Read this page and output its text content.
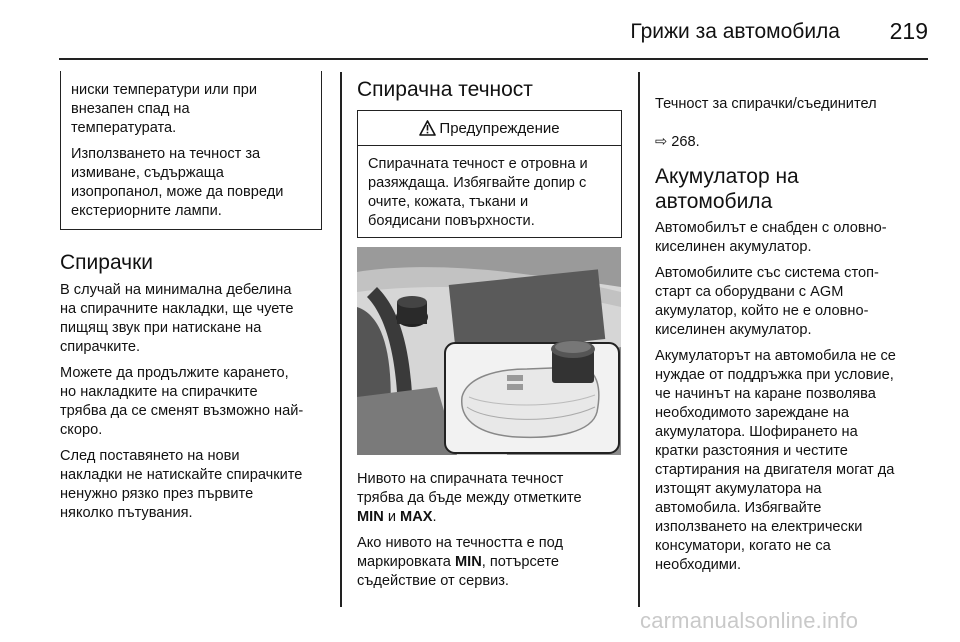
Грижи за автомобила	219

ниски температури или при
внезапен спад на
температурата.

Използването на течност за
измиване, съдържаща
изопропанол, може да повреди
екстериорните лампи.

Спирачки

В случай на минимална дебелина
на спирачните накладки, ще чуете
пищящ звук при натискане на
спирачките.

Можете да продължите карането,
но накладките на спирачките
трябва да се сменят възможно най-
скоро.

След поставянето на нови
накладки не натискайте спирачките
ненужно рязко през първите
няколко пътувания.

Спирачна течност
Предупреждение
Спирачната течност е отровна и
разяждаща. Избягвайте допир с
очите, кожата, тъкани и
боядисани повърхности.

Нивото на спирачната течност
трябва да бъде между отметките
MIN и MAX.

Ако нивото на течността е под
маркировката MIN, потърсете
съдействие от сервиз.

Течност за спирачки/съединител

⇨ 268.

Акумулатор на
автомобила

Автомобилът е снабден с оловно-
киселинен акумулатор.

Автомобилите със система стоп-
старт са оборудвани с AGM
акумулатор, който не е оловно-
киселинен акумулатор.

Акумулаторът на автомобила не се
нуждае от поддръжка при условие,
че начинът на каране позволява
необходимото зареждане на
акумулатора. Шофирането на
кратки разстояния и честите
стартирания на двигателя могат да
изтощят акумулатора на
автомобила. Избягвайте
използването на електрически
консуматори, когато не са
необходими.

carmanualsonline.info
